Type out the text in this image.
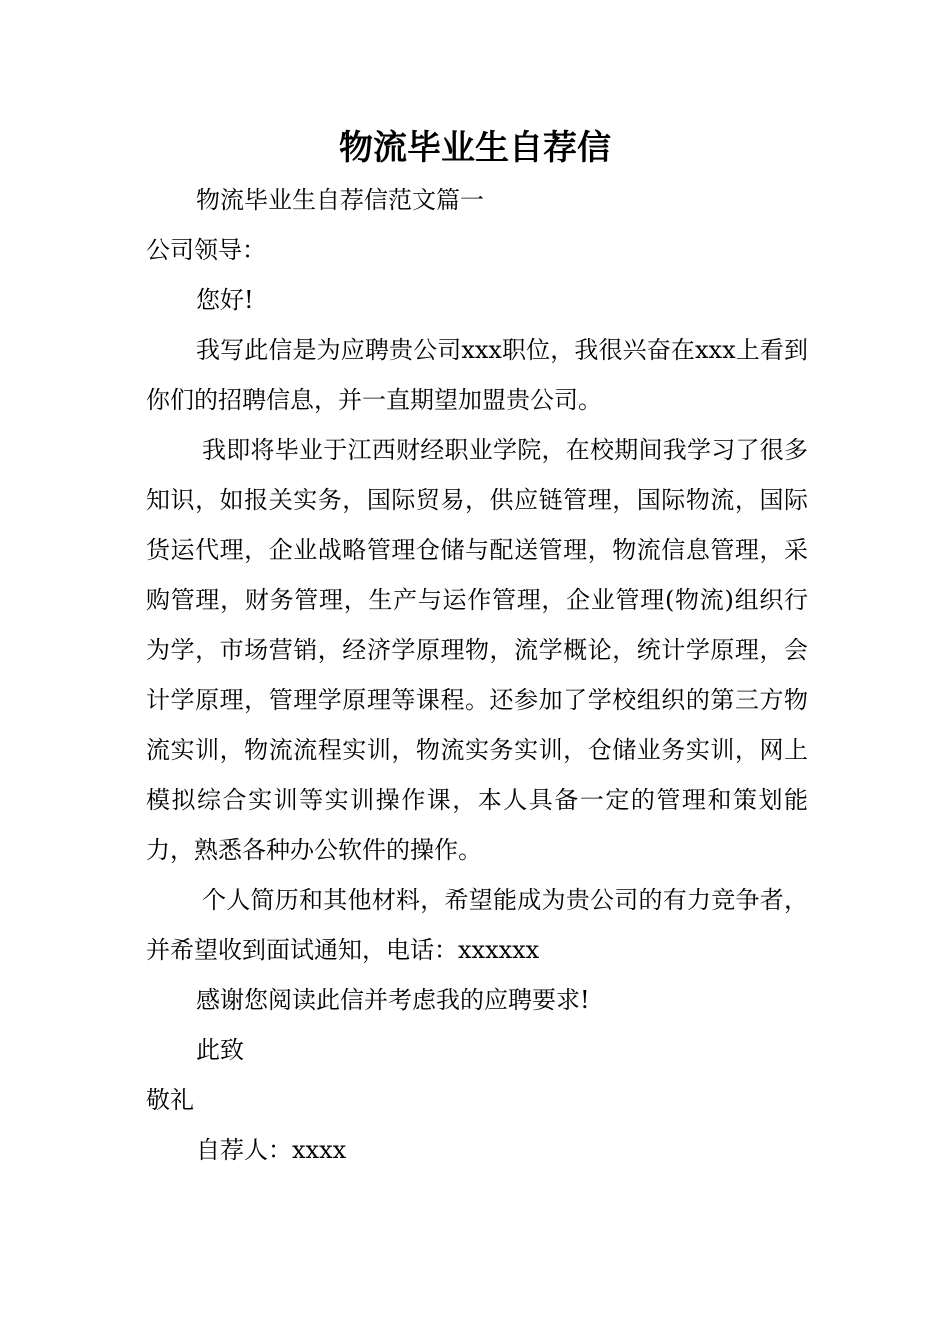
物流毕业生自荐信

物流毕业生自荐信范文篇一

公司领导：

您好!

我写此信是为应聘贵公司xxx职位，我很兴奋在xxx上看到你们的招聘信息，并一直期望加盟贵公司。

我即将毕业于江西财经职业学院，在校期间我学习了很多知识，如报关实务，国际贸易，供应链管理，国际物流，国际货运代理，企业战略管理仓储与配送管理，物流信息管理，采购管理，财务管理，生产与运作管理，企业管理(物流)组织行为学，市场营销，经济学原理物，流学概论，统计学原理，会计学原理，管理学原理等课程。还参加了学校组织的第三方物流实训，物流流程实训，物流实务实训，仓储业务实训，网上模拟综合实训等实训操作课，本人具备一定的管理和策划能力，熟悉各种办公软件的操作。

个人简历和其他材料，希望能成为贵公司的有力竞争者，并希望收到面试通知，电话：xxxxxx

感谢您阅读此信并考虑我的应聘要求!

此致

敬礼

自荐人：xxxx
